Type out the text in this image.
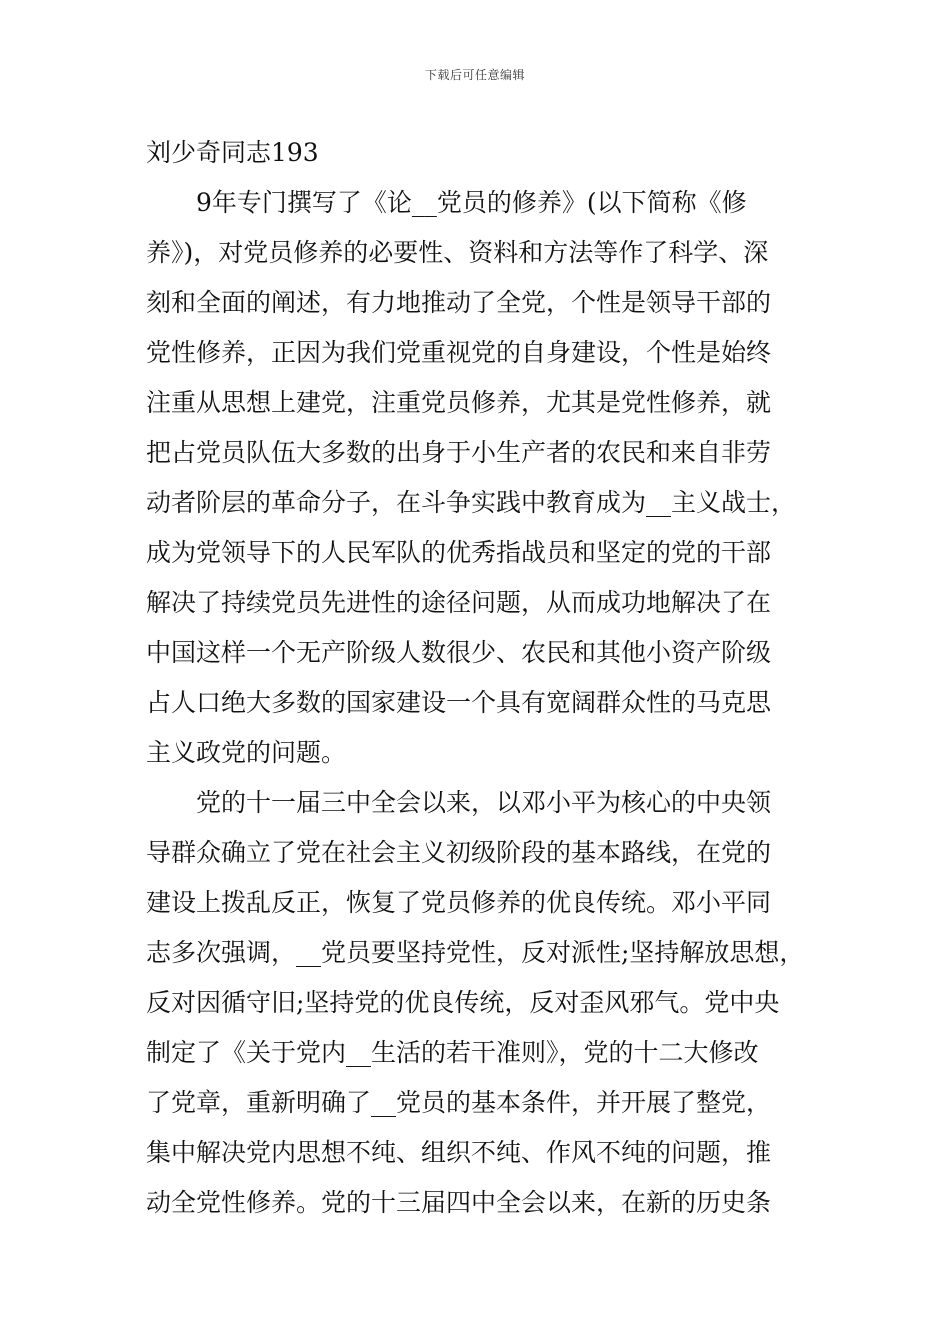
下载后可任意编辑
刘少奇同志193
9年专门撰写了《论__党员的修养》(以下简称《修
养》)，对党员修养的必要性、资料和方法等作了科学、深
刻和全面的阐述，有力地推动了全党，个性是领导干部的
党性修养，正因为我们党重视党的自身建设，个性是始终
注重从思想上建党，注重党员修养，尤其是党性修养，就
把占党员队伍大多数的出身于小生产者的农民和来自非劳
动者阶层的革命分子，在斗争实践中教育成为__主义战士，
成为党领导下的人民军队的优秀指战员和坚定的党的干部
解决了持续党员先进性的途径问题，从而成功地解决了在
中国这样一个无产阶级人数很少、农民和其他小资产阶级
占人口绝大多数的国家建设一个具有宽阔群众性的马克思
主义政党的问题。
党的十一届三中全会以来，以邓小平为核心的中央领
导群众确立了党在社会主义初级阶段的基本路线，在党的
建设上拨乱反正，恢复了党员修养的优良传统。邓小平同
志多次强调，__党员要坚持党性，反对派性;坚持解放思想，
反对因循守旧;坚持党的优良传统，反对歪风邪气。党中央
制定了《关于党内__生活的若干准则》，党的十二大修改
了党章，重新明确了__党员的基本条件，并开展了整党，
集中解决党内思想不纯、组织不纯、作风不纯的问题，推
动全党性修养。党的十三届四中全会以来，在新的历史条
